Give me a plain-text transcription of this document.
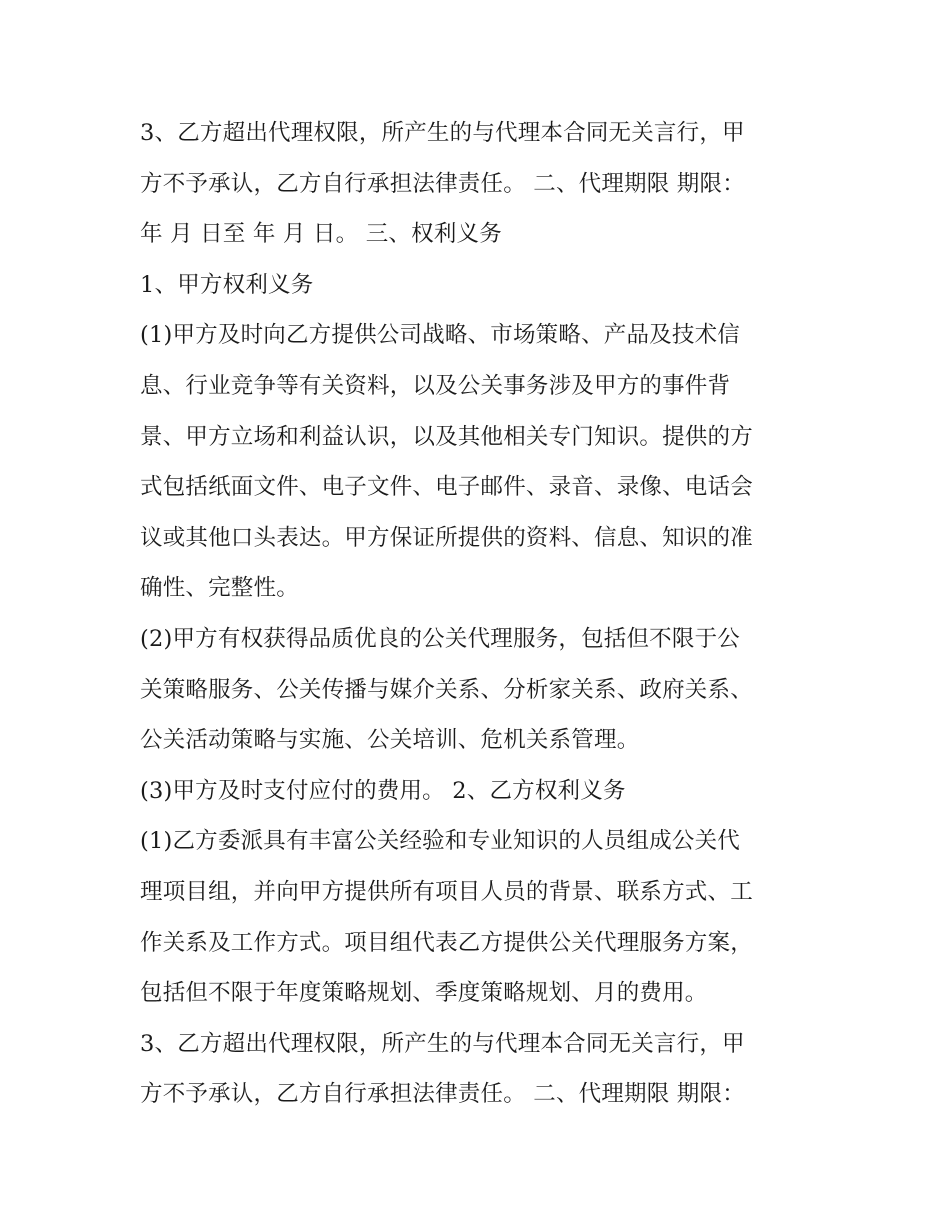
3、乙方超出代理权限，所产生的与代理本合同无关言行，甲
方不予承认，乙方自行承担法律责任。 二、代理期限 期限：
年 月 日至 年 月 日。 三、权利义务
1、甲方权利义务
(1)甲方及时向乙方提供公司战略、市场策略、产品及技术信
息、行业竞争等有关资料，以及公关事务涉及甲方的事件背
景、甲方立场和利益认识，以及其他相关专门知识。提供的方
式包括纸面文件、电子文件、电子邮件、录音、录像、电话会
议或其他口头表达。甲方保证所提供的资料、信息、知识的准
确性、完整性。
(2)甲方有权获得品质优良的公关代理服务，包括但不限于公
关策略服务、公关传播与媒介关系、分析家关系、政府关系、
公关活动策略与实施、公关培训、危机关系管理。
(3)甲方及时支付应付的费用。 2、乙方权利义务
(1)乙方委派具有丰富公关经验和专业知识的人员组成公关代
理项目组，并向甲方提供所有项目人员的背景、联系方式、工
作关系及工作方式。项目组代表乙方提供公关代理服务方案，
包括但不限于年度策略规划、季度策略规划、月的费用。
3、乙方超出代理权限，所产生的与代理本合同无关言行，甲
方不予承认，乙方自行承担法律责任。 二、代理期限 期限：
